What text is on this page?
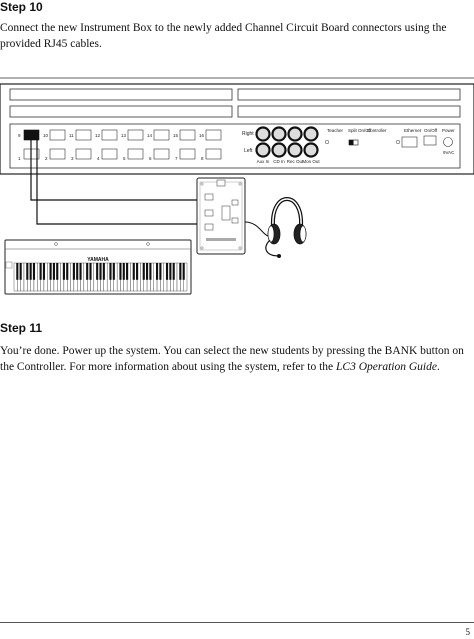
Step 10

Connect the new Instrument Box to the newly added Channel Circuit Board connectors using the provided RJ45 cables.

9	10	11	12	13	14	15	16
1	2	3	4	5	6	7	8
Right
Left
Aux In CD In Rec Out Mon Out
Teacher Split On/Off
Controller	Ethernet On/Off Power
9VAC
YAMAHA
Step 11

You’re done. Power up the system. You can select the new students by pressing the BANK button on the Controller. For more information about using the system, refer to the LC3 Operation Guide.

5
